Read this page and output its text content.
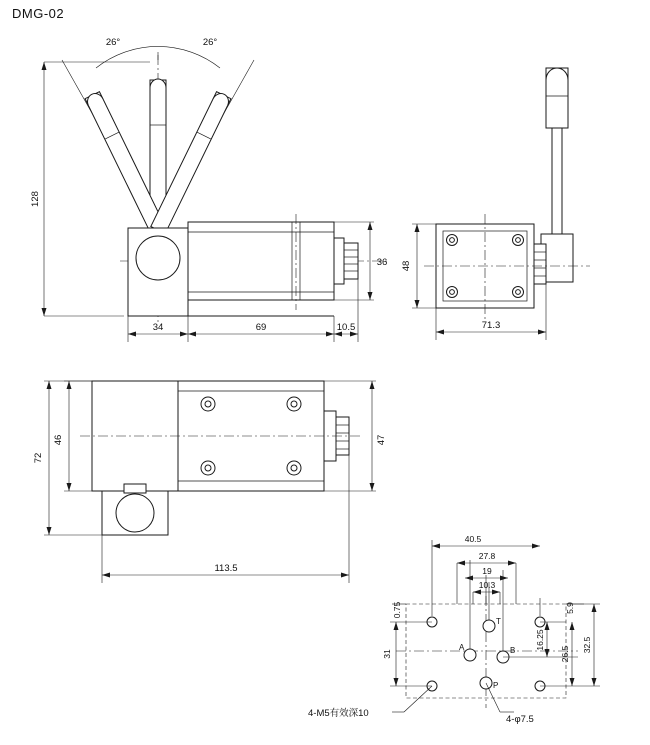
DMG-02
128
36
34	69	10.5
26°	26°
48
71.3
72
46	47
113.5
T
A	B
P
40.5
27.8
19
10.3
0.75	5.9
16.25
26.5
32.5
31
4-M5有效深10
4-φ7.5
